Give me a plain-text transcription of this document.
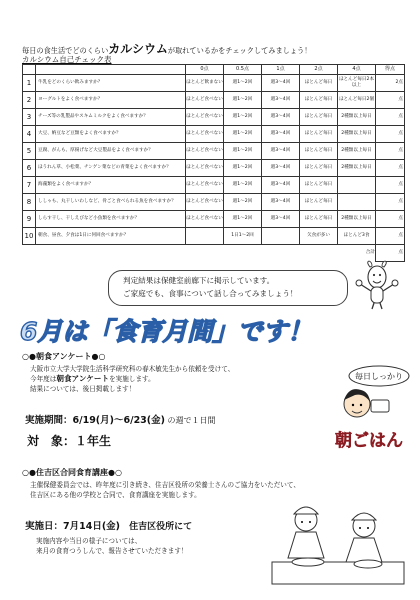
毎日の食生活でどのくらいカルシウムが取れているかをチェックしてみましょう！
カルシウム自己チェック表
		0点	0.5点	1点	2点	4点	得点
1	牛乳をどのくらい飲みますか？	ほとんど飲まない	週1〜2回	週3〜4回	ほとんど毎日	ほとんど毎日2本以上	2点

2	ヨーグルトをよく食べますか？	ほとんど食べない	週1〜2回	週3〜4回	ほとんど毎日	ほとんど毎日2個	点

3	チーズ等の乳製品やスキムミルクをよく食べますか？	ほとんど食べない	週1〜2回	週3〜4回	ほとんど毎日	2種類以上毎日	点

4	大豆、納豆など豆類をよく食べますか？	ほとんど食べない	週1〜2回	週3〜4回	ほとんど毎日	2種類以上毎日	点

5	豆腐、がんも、厚揚げなど大豆製品をよく食べますか？	ほとんど食べない	週1〜2回	週3〜4回	ほとんど毎日	2種類以上毎日	点

6	ほうれん草、小松菜、チンゲン菜などの青菜をよく食べますか？	ほとんど食べない	週1〜2回	週3〜4回	ほとんど毎日	2種類以上毎日	点

7	海藻類をよく食べますか？	ほとんど食べない	週1〜2回	週3〜4回	ほとんど毎日		点

8	ししゃも、丸干しいわしなど、骨ごと食べられる魚を食べますか？	ほとんど食べない	週1〜2回	週3〜4回	ほとんど毎日		点

9	しらす干し、干しえびなど小魚類を食べますか？	ほとんど食べない	週1〜2回	週3〜4回	ほとんど毎日	2種類以上毎日	点

10	朝食、昼食、夕食は1日に何回食べますか？		1日1〜2回		欠食が多い	ほとんど3食	点

合計							点
判定結果は保健室前廊下に掲示しています。
ご家庭でも、食事について話し合ってみましょう！
6月は「食育月間」です！
○●朝食アンケート●○
大阪市立大学大学院生活科学研究科の春木敏先生から依頼を受けて、
今年度は朝食アンケートを実施します。
結果については、後日掲載します！
実施期間：6/19(月)〜6/23(金) の週で１日間
対　象：１年生
毎日しっかり
朝ごはん
○●住吉区合同食育講座●○
主催保健委員会では、昨年度に引き続き、住吉区役所の栄養士さんのご協力をいただいて、
住吉区にある他の学校と合同で、食育講座を実施します。
実施日：7月14日(金) 住吉区役所にて
実施内容や当日の様子については、
来月の食育つうしんで、報告させていただきます！
